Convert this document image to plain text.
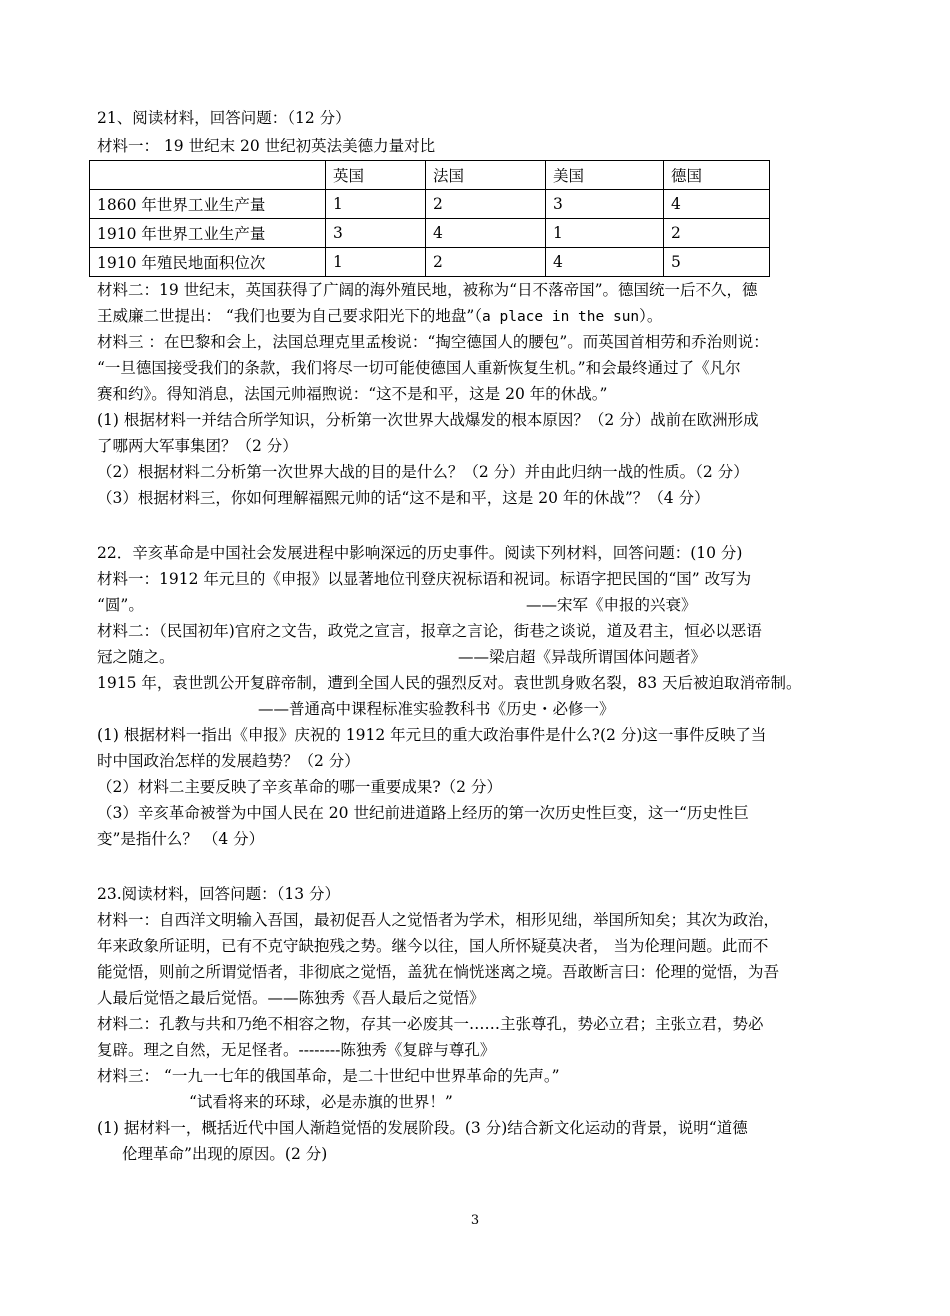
21、阅读材料，回答问题：（12 分）
材料一： 19 世纪末 20 世纪初英法美德力量对比
	英国	法国	美国	德国
1860 年世界工业生产量	1	2	3	4
1910 年世界工业生产量	3	4	1	2
1910 年殖民地面积位次	1	2	4	5
材料二：19 世纪末，英国获得了广阔的海外殖民地，被称为“日不落帝国”。德国统一后不久，德
王威廉二世提出： “我们也要为自己要求阳光下的地盘”（a place in the sun）。
材料三 ：在巴黎和会上，法国总理克里孟梭说：“掏空德国人的腰包”。而英国首相劳和乔治则说：
“一旦德国接受我们的条款，我们将尽一切可能使德国人重新恢复生机。”和会最终通过了《凡尔
赛和约》。得知消息，法国元帅福煦说：“这不是和平，这是 20 年的休战。”
(1) 根据材料一并结合所学知识，分析第一次世界大战爆发的根本原因？（2 分）战前在欧洲形成
了哪两大军事集团？（2 分）
（2）根据材料二分析第一次世界大战的目的是什么？（2 分）并由此归纳一战的性质。（2 分）
（3）根据材料三，你如何理解福熙元帅的话“这不是和平，这是 20 年的休战”？（4 分）
22．辛亥革命是中国社会发展进程中影响深远的历史事件。阅读下列材料，回答问题：(10 分)
材料一：1912 年元旦的《申报》以显著地位刊登庆祝标语和祝词。标语字把民国的“国” 改写为
“圆”。	——宋军《申报的兴衰》
材料二：（民国初年)官府之文告，政党之宣言，报章之言论，街巷之谈说，道及君主，恒必以恶语
冠之随之。	——梁启超《异哉所谓国体问题者》
1915 年，袁世凯公开复辟帝制，遭到全国人民的强烈反对。袁世凯身败名裂，83 天后被迫取消帝制。
——普通高中课程标准实验教科书《历史・必修一》
(1) 根据材料一指出《申报》庆祝的 1912 年元旦的重大政治事件是什么?(2 分)这一事件反映了当
时中国政治怎样的发展趋势？（2 分）
（2）材料二主要反映了辛亥革命的哪一重要成果?（2 分）
（3）辛亥革命被誉为中国人民在 20 世纪前进道路上经历的第一次历史性巨变，这一“历史性巨
变”是指什么？ （4 分）
23.阅读材料，回答问题：（13 分）
材料一：自西洋文明输入吾国，最初促吾人之觉悟者为学术，相形见绌，举国所知矣；其次为政治，
年来政象所证明，已有不克守缺抱残之势。继今以往，国人所怀疑莫决者， 当为伦理问题。此而不
能觉悟，则前之所谓觉悟者，非彻底之觉悟，盖犹在惝恍迷离之境。吾敢断言曰：伦理的觉悟，为吾
人最后觉悟之最后觉悟。——陈独秀《吾人最后之觉悟》
材料二：孔教与共和乃绝不相容之物，存其一必废其一……主张尊孔，势必立君；主张立君，势必
复辟。理之自然，无足怪者。--------陈独秀《复辟与尊孔》
材料三： “一九一七年的俄国革命，是二十世纪中世界革命的先声。”
“试看将来的环球，必是赤旗的世界！”
(1) 据材料一，概括近代中国人渐趋觉悟的发展阶段。(3 分)结合新文化运动的背景，说明“道德
伦理革命”出现的原因。(2 分)
3
